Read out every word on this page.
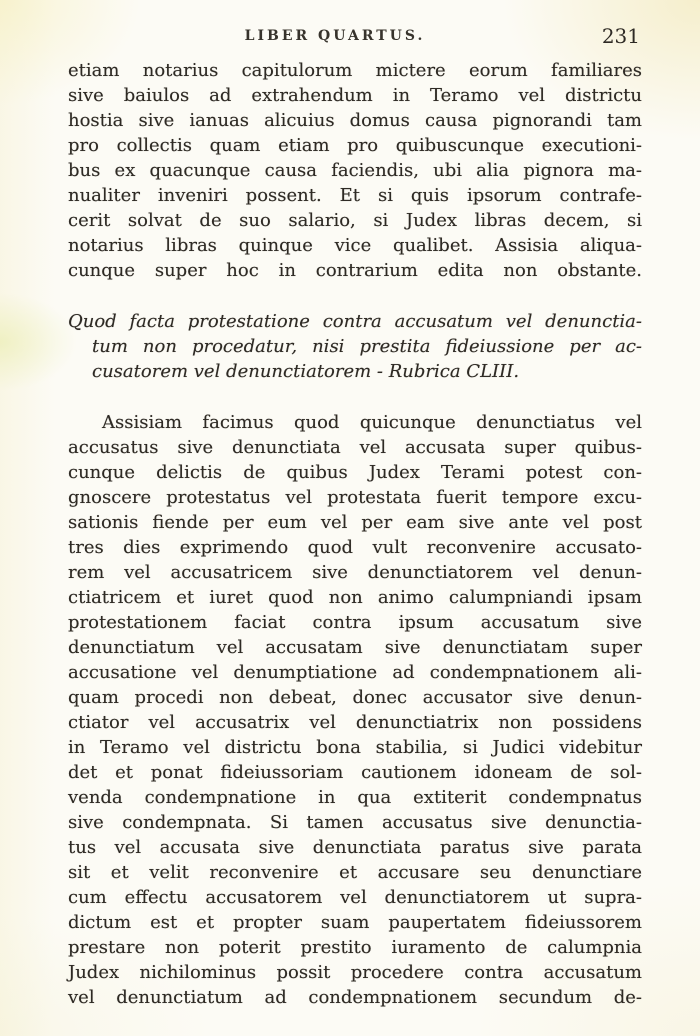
LIBER QUARTUS.	231
etiam notarius capitulorum mictere eorum familiares
sive baiulos ad extrahendum in Teramo vel districtu
hostia sive ianuas alicuius domus causa pignorandi tam
pro collectis quam etiam pro quibuscunque executioni-
bus ex quacunque causa faciendis, ubi alia pignora ma-
nualiter inveniri possent. Et si quis ipsorum contrafe-
cerit solvat de suo salario, si Judex libras decem, si
notarius libras quinque vice qualibet. Assisia aliqua-
cunque super hoc in contrarium edita non obstante.
Quod facta protestatione contra accusatum vel denunctia-
tum non procedatur, nisi prestita fideiussione per ac-
cusatorem vel denunctiatorem - Rubrica CLIII.
Assisiam facimus quod quicunque denunctiatus vel
accusatus sive denunctiata vel accusata super quibus-
cunque delictis de quibus Judex Terami potest con-
gnoscere protestatus vel protestata fuerit tempore excu-
sationis fiende per eum vel per eam sive ante vel post
tres dies exprimendo quod vult reconvenire accusato-
rem vel accusatricem sive denunctiatorem vel denun-
ctiatricem et iuret quod non animo calumpniandi ipsam
protestationem faciat contra ipsum accusatum sive
denunctiatum vel accusatam sive denunctiatam super
accusatione vel denumptiatione ad condempnationem ali-
quam procedi non debeat, donec accusator sive denun-
ctiator vel accusatrix vel denunctiatrix non possidens
in Teramo vel districtu bona stabilia, si Judici videbitur
det et ponat fideiussoriam cautionem idoneam de sol-
venda condempnatione in qua extiterit condempnatus
sive condempnata. Si tamen accusatus sive denunctia-
tus vel accusata sive denunctiata paratus sive parata
sit et velit reconvenire et accusare seu denunctiare
cum effectu accusatorem vel denunctiatorem ut supra-
dictum est et propter suam paupertatem fideiussorem
prestare non poterit prestito iuramento de calumpnia
Judex nichilominus possit procedere contra accusatum
vel denunctiatum ad condempnationem secundum de-
